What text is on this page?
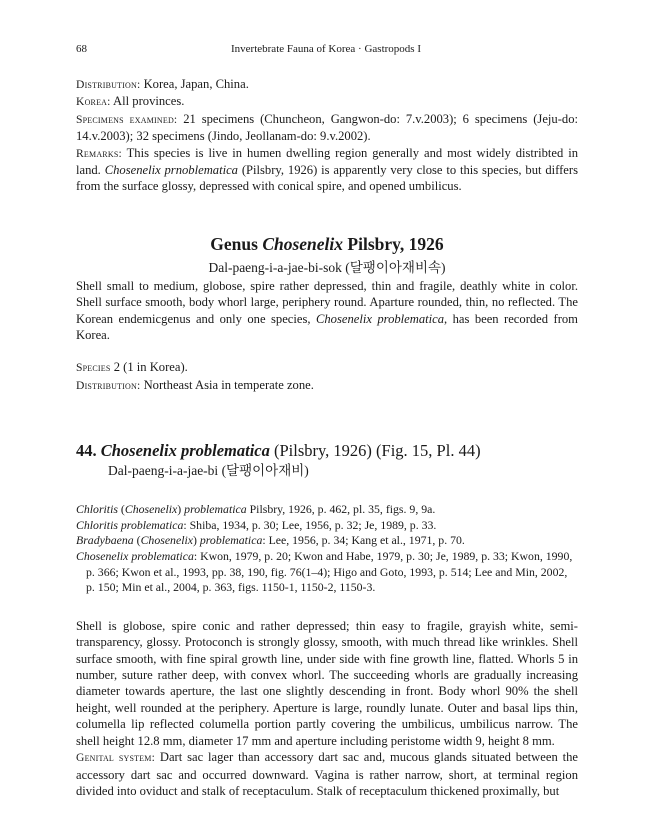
68	Invertebrate Fauna of Korea · Gastropods I

Distribution: Korea, Japan, China.

Korea: All provinces.

Specimens examined: 21 specimens (Chuncheon, Gangwon-do: 7.v.2003); 6 specimens (Jeju-do: 14.v.2003); 32 specimens (Jindo, Jeollanam-do: 9.v.2002).

Remarks: This species is live in humen dwelling region generally and most widely distribted in land. Chosenelix prnoblematica (Pilsbry, 1926) is apparently very close to this species, but differs from the surface glossy, depressed with conical spire, and opened umbilicus.

Genus Chosenelix Pilsbry, 1926
Dal-paeng-i-a-jae-bi-sok (달팽이아재비속)

Shell small to medium, globose, spire rather depressed, thin and fragile, deathly white in color. Shell surface smooth, body whorl large, periphery round. Aparture rounded, thin, no reflected. The Korean endemicgenus and only one species, Chosenelix problematica, has been recorded from Korea.

Species 2 (1 in Korea).

Distribution: Northeast Asia in temperate zone.

44. Chosenelix problematica (Pilsbry, 1926) (Fig. 15, Pl. 44)
Dal-paeng-i-a-jae-bi (달팽이아재비)

Chloritis (Chosenelix) problematica Pilsbry, 1926, p. 462, pl. 35, figs. 9, 9a.

Chloritis problematica: Shiba, 1934, p. 30; Lee, 1956, p. 32; Je, 1989, p. 33.

Bradybaena (Chosenelix) problematica: Lee, 1956, p. 34; Kang et al., 1971, p. 70.

Chosenelix problematica: Kwon, 1979, p. 20; Kwon and Habe, 1979, p. 30; Je, 1989, p. 33; Kwon, 1990, p. 366; Kwon et al., 1993, pp. 38, 190, fig. 76(1–4); Higo and Goto, 1993, p. 514; Lee and Min, 2002, p. 150; Min et al., 2004, p. 363, figs. 1150-1, 1150-2, 1150-3.

Shell is globose, spire conic and rather depressed; thin easy to fragile, grayish white, semi-transparency, glossy. Protoconch is strongly glossy, smooth, with much thread like wrinkles. Shell surface smooth, with fine spiral growth line, under side with fine growth line, flatted. Whorls 5 in number, suture rather deep, with convex whorl. The succeeding whorls are gradually increasing diameter towards aperture, the last one slightly descending in front. Body whorl 90% the shell height, well rounded at the periphery. Aperture is large, roundly lunate. Outer and basal lips thin, columella lip reflected columella portion partly covering the umbilicus, umbilicus narrow. The shell height 12.8 mm, diameter 17 mm and aperture including peristome width 9, height 8 mm.

Genital system: Dart sac lager than accessory dart sac and, mucous glands situated between the accessory dart sac and occurred downward. Vagina is rather narrow, short, at terminal region divided into oviduct and stalk of receptaculum. Stalk of receptaculum thickened proximally, but
